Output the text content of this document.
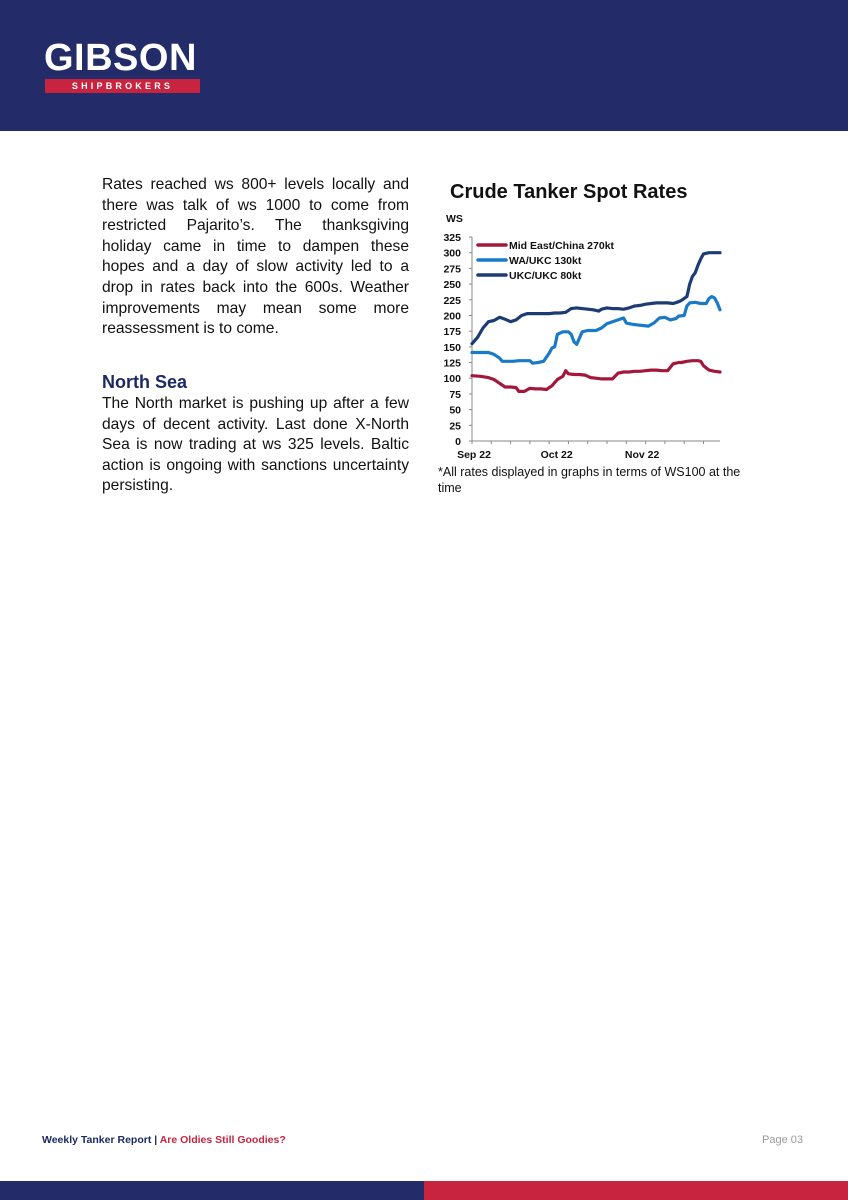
GIBSON
SHIPBROKERS

Rates reached ws 800+ levels locally and there was talk of ws 1000 to come from restricted Pajarito’s. The thanksgiving holiday came in time to dampen these hopes and a day of slow activity led to a drop in rates back into the 600s. Weather improvements may mean some more reassessment is to come.

North Sea

The North market is pushing up after a few days of decent activity. Last done X-North Sea is now trading at ws 325 levels. Baltic action is ongoing with sanctions uncertainty persisting.

Crude Tanker Spot Rates
WS
0
25
50
75
100
125
150
175
200
225
250
275
300
325
Sep 22	Oct 22	Nov 22
Mid East/China 270kt
WA/UKC 130kt
UKC/UKC 80kt

*All rates displayed in graphs in terms of WS100 at the time

Weekly Tanker Report | Are Oldies Still Goodies?	Page 03
